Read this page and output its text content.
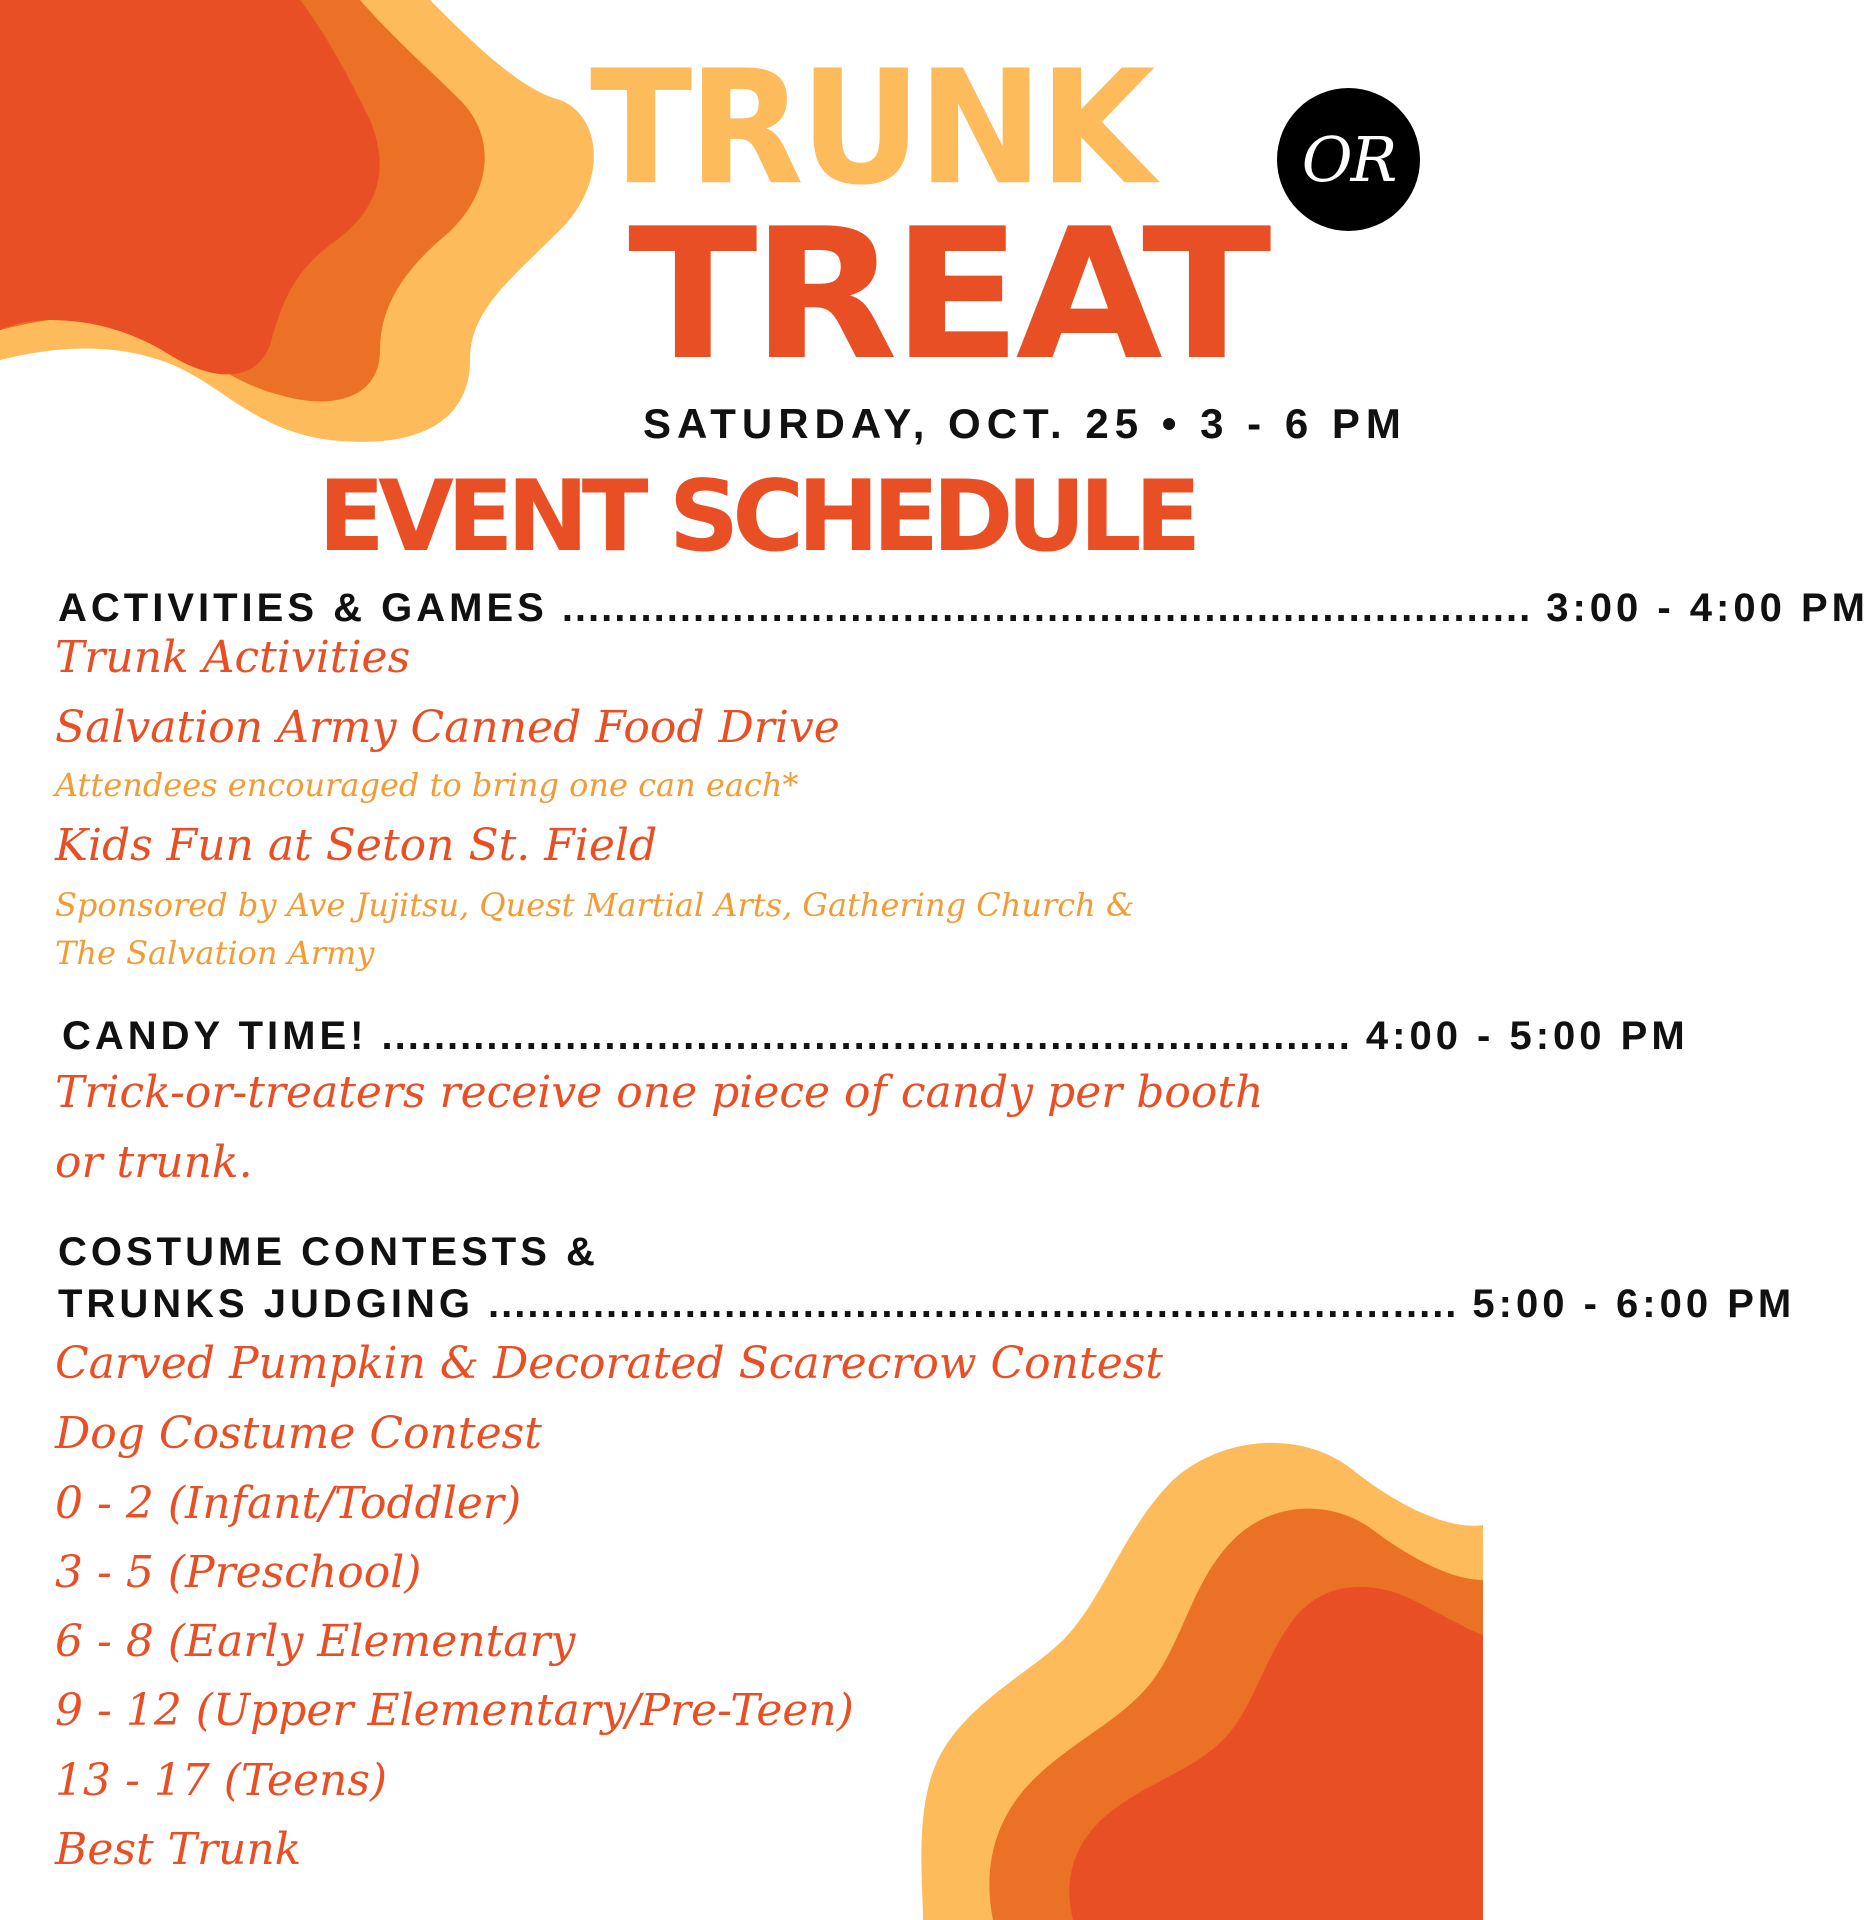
TRUNK OR
TREAT

SATURDAY, OCT. 25 • 3 - 6 PM

EVENT SCHEDULE
ACTIVITIES & GAMES .......................................................................... 3:00 - 4:00 PM

Trunk Activities

Salvation Army Canned Food Drive

Attendees encouraged to bring one can each*

Kids Fun at Seton St. Field

Sponsored by Ave Jujitsu, Quest Martial Arts, Gathering Church &

The Salvation Army

CANDY TIME! .......................................................................... 4:00 - 5:00 PM

Trick-or-treaters receive one piece of candy per booth

or trunk.

COSTUME CONTESTS &

TRUNKS JUDGING .......................................................................... 5:00 - 6:00 PM

Carved Pumpkin & Decorated Scarecrow Contest

Dog Costume Contest

0 - 2 (Infant/Toddler)

3 - 5 (Preschool)

6 - 8 (Early Elementary

9 - 12 (Upper Elementary/Pre-Teen)

13 - 17 (Teens)

Best Trunk
